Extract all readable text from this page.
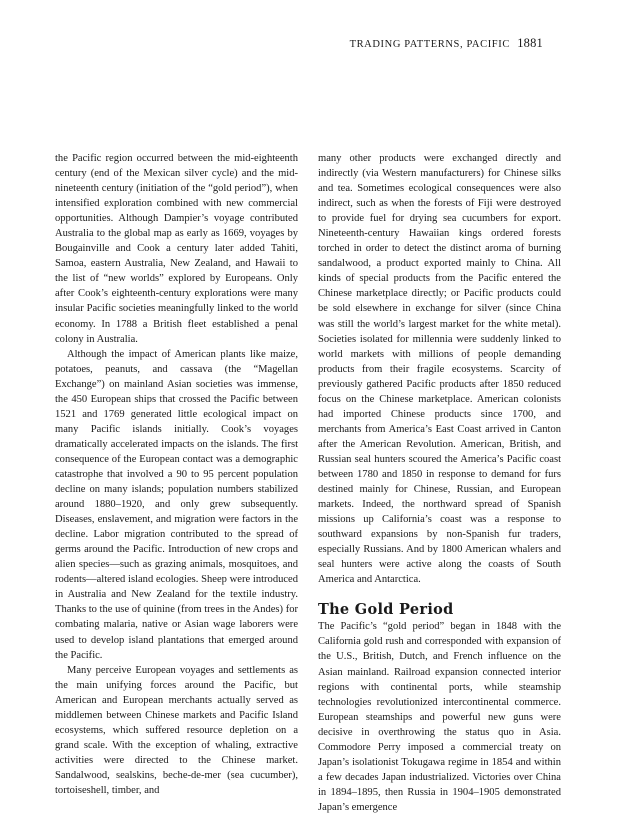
TRADING PATTERNS, PACIFIC 1881

the Pacific region occurred between the mid-eighteenth century (end of the Mexican silver cycle) and the mid-nineteenth century (initiation of the “gold period”), when intensified exploration combined with new commercial opportunities. Although Dampier’s voyage contributed Australia to the global map as early as 1669, voyages by Bougainville and Cook a century later added Tahiti, Samoa, eastern Australia, New Zealand, and Hawaii to the list of “new worlds” explored by Europeans. Only after Cook’s eighteenth-century explorations were many insular Pacific societies meaningfully linked to the world economy. In 1788 a British fleet established a penal colony in Australia.

Although the impact of American plants like maize, potatoes, peanuts, and cassava (the “Magellan Exchange”) on mainland Asian societies was immense, the 450 European ships that crossed the Pacific between 1521 and 1769 generated little ecological impact on many Pacific islands initially. Cook’s voyages dramatically accelerated impacts on the islands. The first consequence of the European contact was a demographic catastrophe that involved a 90 to 95 percent population decline on many islands; population numbers stabilized around 1880–1920, and only grew subsequently. Diseases, enslavement, and migration were factors in the decline. Labor migration contributed to the spread of germs around the Pacific. Introduction of new crops and alien species—such as grazing animals, mosquitoes, and rodents—altered island ecologies. Sheep were introduced in Australia and New Zealand for the textile industry. Thanks to the use of quinine (from trees in the Andes) for combating malaria, native or Asian wage laborers were used to develop island plantations that emerged around the Pacific.

Many perceive European voyages and settlements as the main unifying forces around the Pacific, but American and European merchants actually served as middlemen between Chinese markets and Pacific Island ecosystems, which suffered resource depletion on a grand scale. With the exception of whaling, extractive activities were directed to the Chinese market. Sandalwood, sealskins, beche-de-mer (sea cucumber), tortoiseshell, timber, and

many other products were exchanged directly and indirectly (via Western manufacturers) for Chinese silks and tea. Sometimes ecological consequences were also indirect, such as when the forests of Fiji were destroyed to provide fuel for drying sea cucumbers for export. Nineteenth-century Hawaiian kings ordered forests torched in order to detect the distinct aroma of burning sandalwood, a product exported mainly to China. All kinds of special products from the Pacific entered the Chinese marketplace directly; or Pacific products could be sold elsewhere in exchange for silver (since China was still the world’s largest market for the white metal). Societies isolated for millennia were suddenly linked to world markets with millions of people demanding products from their fragile ecosystems. Scarcity of previously gathered Pacific products after 1850 reduced focus on the Chinese marketplace. American colonists had imported Chinese products since 1700, and merchants from America’s East Coast arrived in Canton after the American Revolution. American, British, and Russian seal hunters scoured the America’s Pacific coast between 1780 and 1850 in response to demand for furs destined mainly for Chinese, Russian, and European markets. Indeed, the northward spread of Spanish missions up California’s coast was a response to southward expansions by non-Spanish fur traders, especially Russians. And by 1800 American whalers and seal hunters were active along the coasts of South America and Antarctica.

The Gold Period

The Pacific’s “gold period” began in 1848 with the California gold rush and corresponded with expansion of the U.S., British, Dutch, and French influence on the Asian mainland. Railroad expansion connected interior regions with continental ports, while steamship technologies revolutionized intercontinental commerce. European steamships and powerful new guns were decisive in overthrowing the status quo in Asia. Commodore Perry imposed a commercial treaty on Japan’s isolationist Tokugawa regime in 1854 and within a few decades Japan industrialized. Victories over China in 1894–1895, then Russia in 1904–1905 demonstrated Japan’s emergence
